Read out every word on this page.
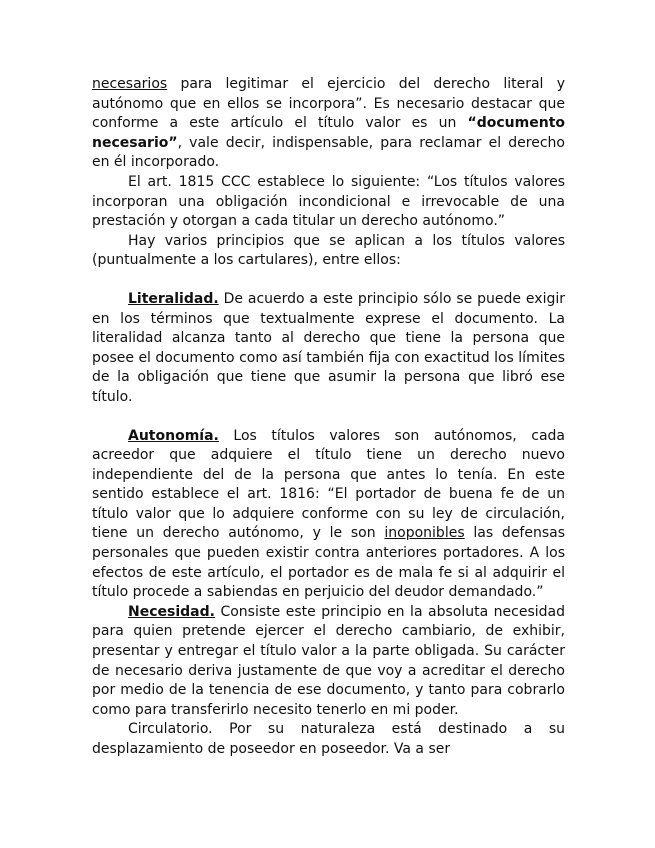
necesarios para legitimar el ejercicio del derecho literal y autónomo que en ellos se incorpora”. Es necesario destacar que conforme a este artículo el título valor es un “documento necesario”, vale decir, indispensable, para reclamar el derecho en él incorporado.

El art. 1815 CCC establece lo siguiente: “Los títulos valores incorporan una obligación incondicional e irrevocable de una prestación y otorgan a cada titular un derecho autónomo.”

Hay varios principios que se aplican a los títulos valores (puntualmente a los cartulares), entre ellos:

Literalidad. De acuerdo a este principio sólo se puede exigir en los términos que textualmente exprese el documento. La literalidad alcanza tanto al derecho que tiene la persona que posee el documento como así también fija con exactitud los límites de la obligación que tiene que asumir la persona que libró ese título.

Autonomía. Los títulos valores son autónomos, cada acreedor que adquiere el título tiene un derecho nuevo independiente del de la persona que antes lo tenía. En este sentido establece el art. 1816: “El portador de buena fe de un título valor que lo adquiere conforme con su ley de circulación, tiene un derecho autónomo, y le son inoponibles las defensas personales que pueden existir contra anteriores portadores. A los efectos de este artículo, el portador es de mala fe si al adquirir el título procede a sabiendas en perjuicio del deudor demandado.”

Necesidad. Consiste este principio en la absoluta necesidad para quien pretende ejercer el derecho cambiario, de exhibir, presentar y entregar el título valor a la parte obligada. Su carácter de necesario deriva justamente de que voy a acreditar el derecho por medio de la tenencia de ese documento, y tanto para cobrarlo como para transferirlo necesito tenerlo en mi poder.

Circulatorio. Por su naturaleza está destinado a su desplazamiento de poseedor en poseedor. Va a ser
